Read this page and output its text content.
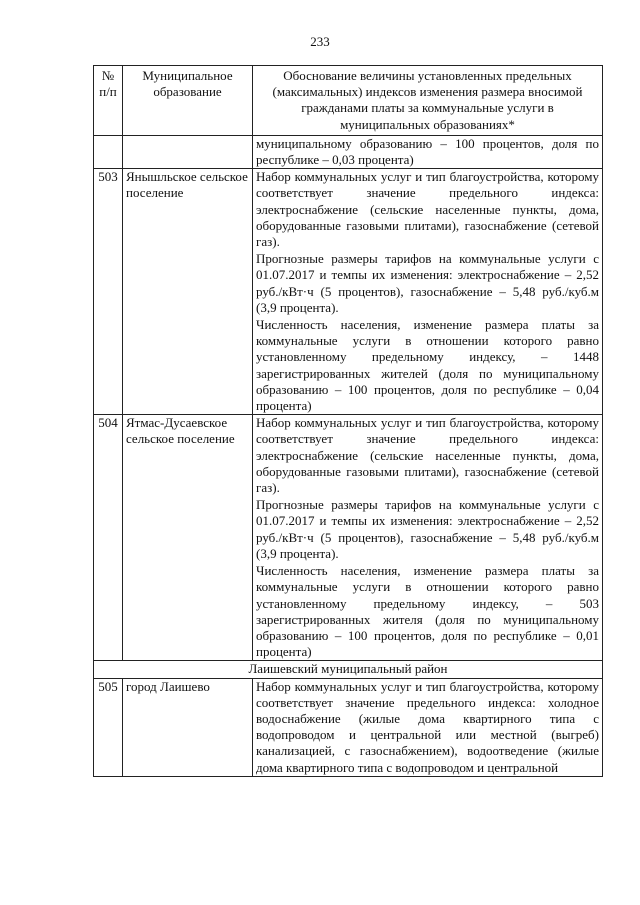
233
№ п/п	Муниципальное образование	Обоснование величины установленных предельных (максимальных) индексов изменения размера вносимой гражданами платы за коммунальные услуги в муниципальных образованиях*

		муниципальному образованию – 100 процентов, доля по республике – 0,03 процента)

503	Янышльское сельское поселение	Набор коммунальных услуг и тип благоустройства, которому соответствует значение предельного индекса: электроснабжение (сельские населенные пункты, дома, оборудованные газовыми плитами), газоснабжение (сетевой газ).

Прогнозные размеры тарифов на коммунальные услуги с 01.07.2017 и темпы их изменения: электроснабжение – 2,52 руб./кВт·ч (5 процентов), газоснабжение – 5,48 руб./куб.м (3,9 процента).

Численность населения, изменение размера платы за коммунальные услуги в отношении которого равно установленному предельному индексу, – 1448 зарегистрированных жителей (доля по муниципальному образованию – 100 процентов, доля по республике – 0,04 процента)

504	Ятмас-Дусаевское сельское поселение	Набор коммунальных услуг и тип благоустройства, которому соответствует значение предельного индекса: электроснабжение (сельские населенные пункты, дома, оборудованные газовыми плитами), газоснабжение (сетевой газ).

Прогнозные размеры тарифов на коммунальные услуги с 01.07.2017 и темпы их изменения: электроснабжение – 2,52 руб./кВт·ч (5 процентов), газоснабжение – 5,48 руб./куб.м (3,9 процента).

Численность населения, изменение размера платы за коммунальные услуги в отношении которого равно установленному предельному индексу, – 503 зарегистрированных жителя (доля по муниципальному образованию – 100 процентов, доля по республике – 0,01 процента)

Лаишевский муниципальный район		
505	город Лаишево	Набор коммунальных услуг и тип благоустройства, которому соответствует значение предельного индекса: холодное водоснабжение (жилые дома квартирного типа с водопроводом и центральной или местной (выгреб) канализацией, с газоснабжением), водоотведение (жилые дома квартирного типа с водопроводом и центральной
